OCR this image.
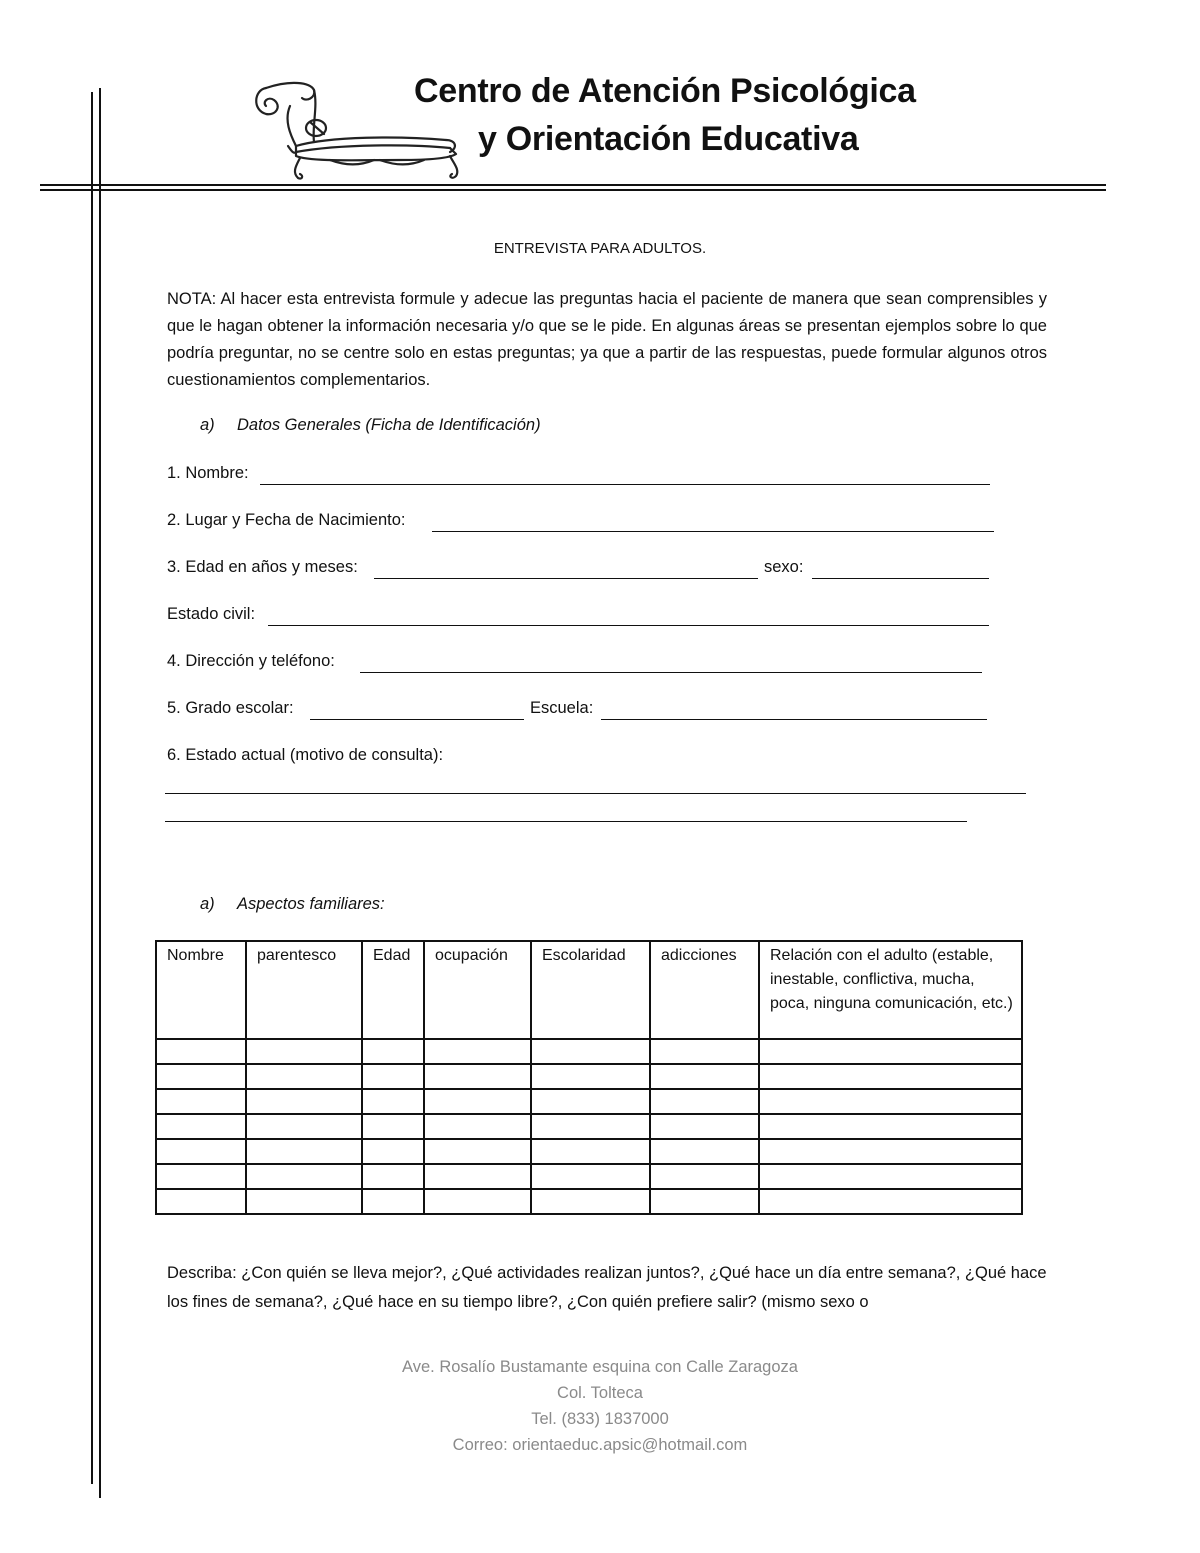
Centro de Atención Psicológica
y Orientación Educativa
ENTREVISTA PARA ADULTOS.
NOTA: Al hacer esta entrevista formule y adecue las preguntas hacia el paciente de manera que sean comprensibles y que le hagan obtener la información necesaria y/o que se le pide. En algunas áreas se presentan ejemplos sobre lo que podría preguntar, no se centre solo en estas preguntas; ya que a partir de las respuestas, puede formular algunos otros cuestionamientos complementarios.
a) Datos Generales (Ficha de Identificación)
1. Nombre:
2. Lugar y Fecha de Nacimiento:
3. Edad en años y meses:	sexo:
Estado civil:
4. Dirección y teléfono:
5. Grado escolar:	Escuela:
6. Estado actual (motivo de consulta):
a) Aspectos familiares:
Nombre	parentesco	Edad	ocupación	Escolaridad	adicciones	Relación con el adulto (estable, inestable, conflictiva, mucha, poca, ninguna comunicación, etc.)

Describa: ¿Con quién se lleva mejor?, ¿Qué actividades realizan juntos?, ¿Qué hace un día entre semana?, ¿Qué hace los fines de semana?, ¿Qué hace en su tiempo libre?, ¿Con quién prefiere salir? (mismo sexo o
Ave. Rosalío Bustamante esquina con Calle Zaragoza
Col. Tolteca
Tel. (833) 1837000
Correo: orientaeduc.apsic@hotmail.com
